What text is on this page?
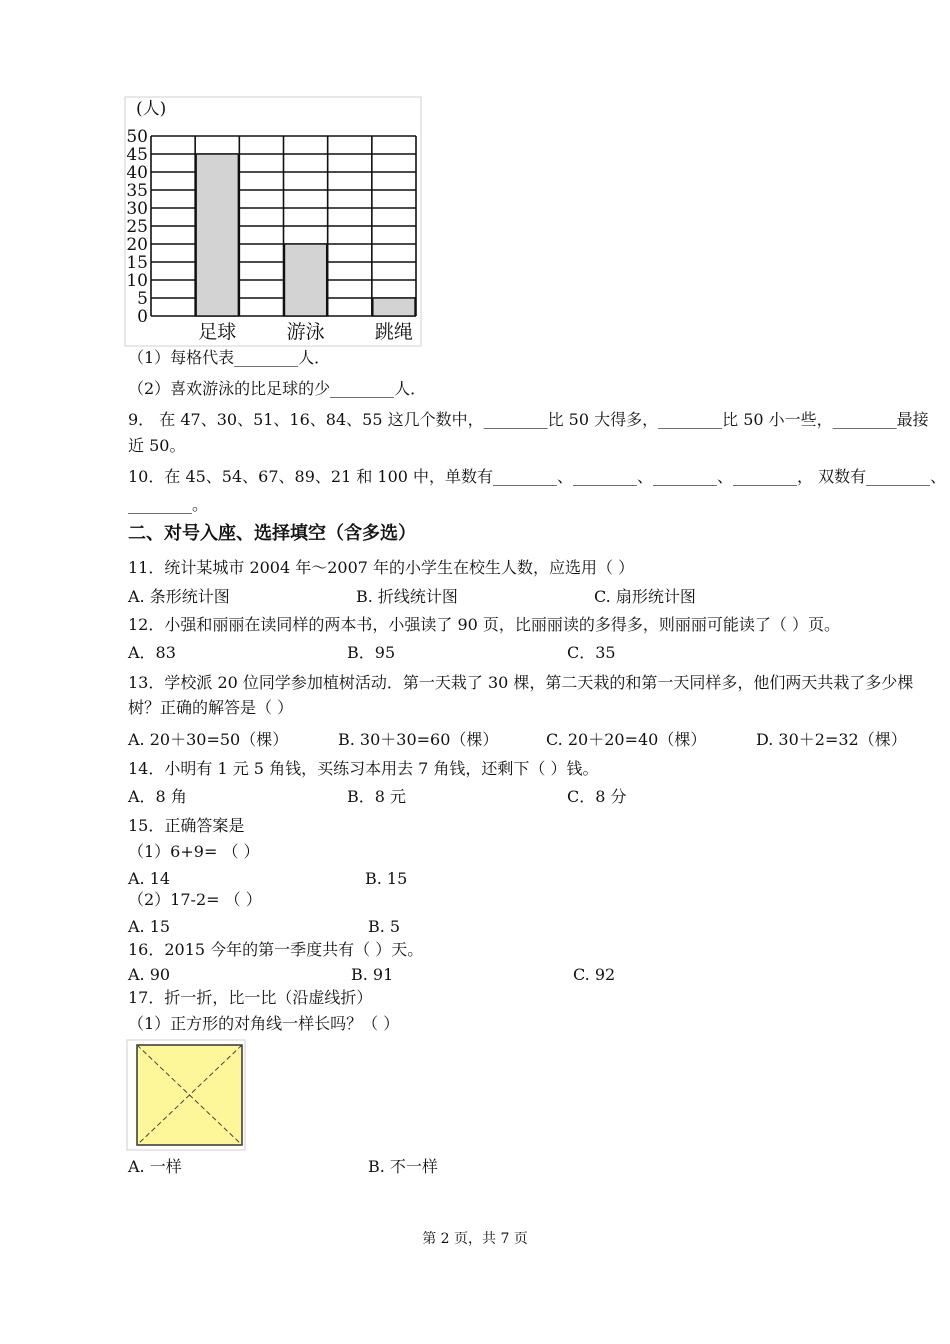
(人)
0
5
10
15
20
25
30
35
40
45
50
足球	游泳	跳绳
（1）每格代表________人．
（2）喜欢游泳的比足球的少________人．
9． 在 47、30、51、16、84、55 这几个数中，________比 50 大得多，________比 50 小一些，________最接
近 50。
10．在 45、54、67、89、21 和 100 中，单数有________、________、________、________， 双数有________、
________。
二、对号入座、选择填空（含多选）
11．统计某城市 2004 年～2007 年的小学生在校生人数，应选用（ ）
A. 条形统计图	B. 折线统计图	C. 扇形统计图
12．小强和丽丽在读同样的两本书，小强读了 90 页，比丽丽读的多得多，则丽丽可能读了（ ）页。
A．83	B．95	C．35
13．学校派 20 位同学参加植树活动．第一天栽了 30 棵，第二天栽的和第一天同样多，他们两天共栽了多少棵
树？正确的解答是（ ）
A. 20＋30=50（棵）	B. 30＋30=60（棵）	C. 20＋20=40（棵）	D. 30＋2=32（棵）
14．小明有 1 元 5 角钱，买练习本用去 7 角钱，还剩下（ ）钱。
A．8 角	B．8 元	C．8 分
15．正确答案是
（1）6+9= （ ）
A. 14	B. 15
（2）17-2= （ ）
A. 15	B. 5
16．2015 今年的第一季度共有（ ）天。
A. 90	B. 91	C. 92
17．折一折，比一比（沿虚线折）
（1）正方形的对角线一样长吗？（ ）
A. 一样	B. 不一样
第 2 页，共 7 页
